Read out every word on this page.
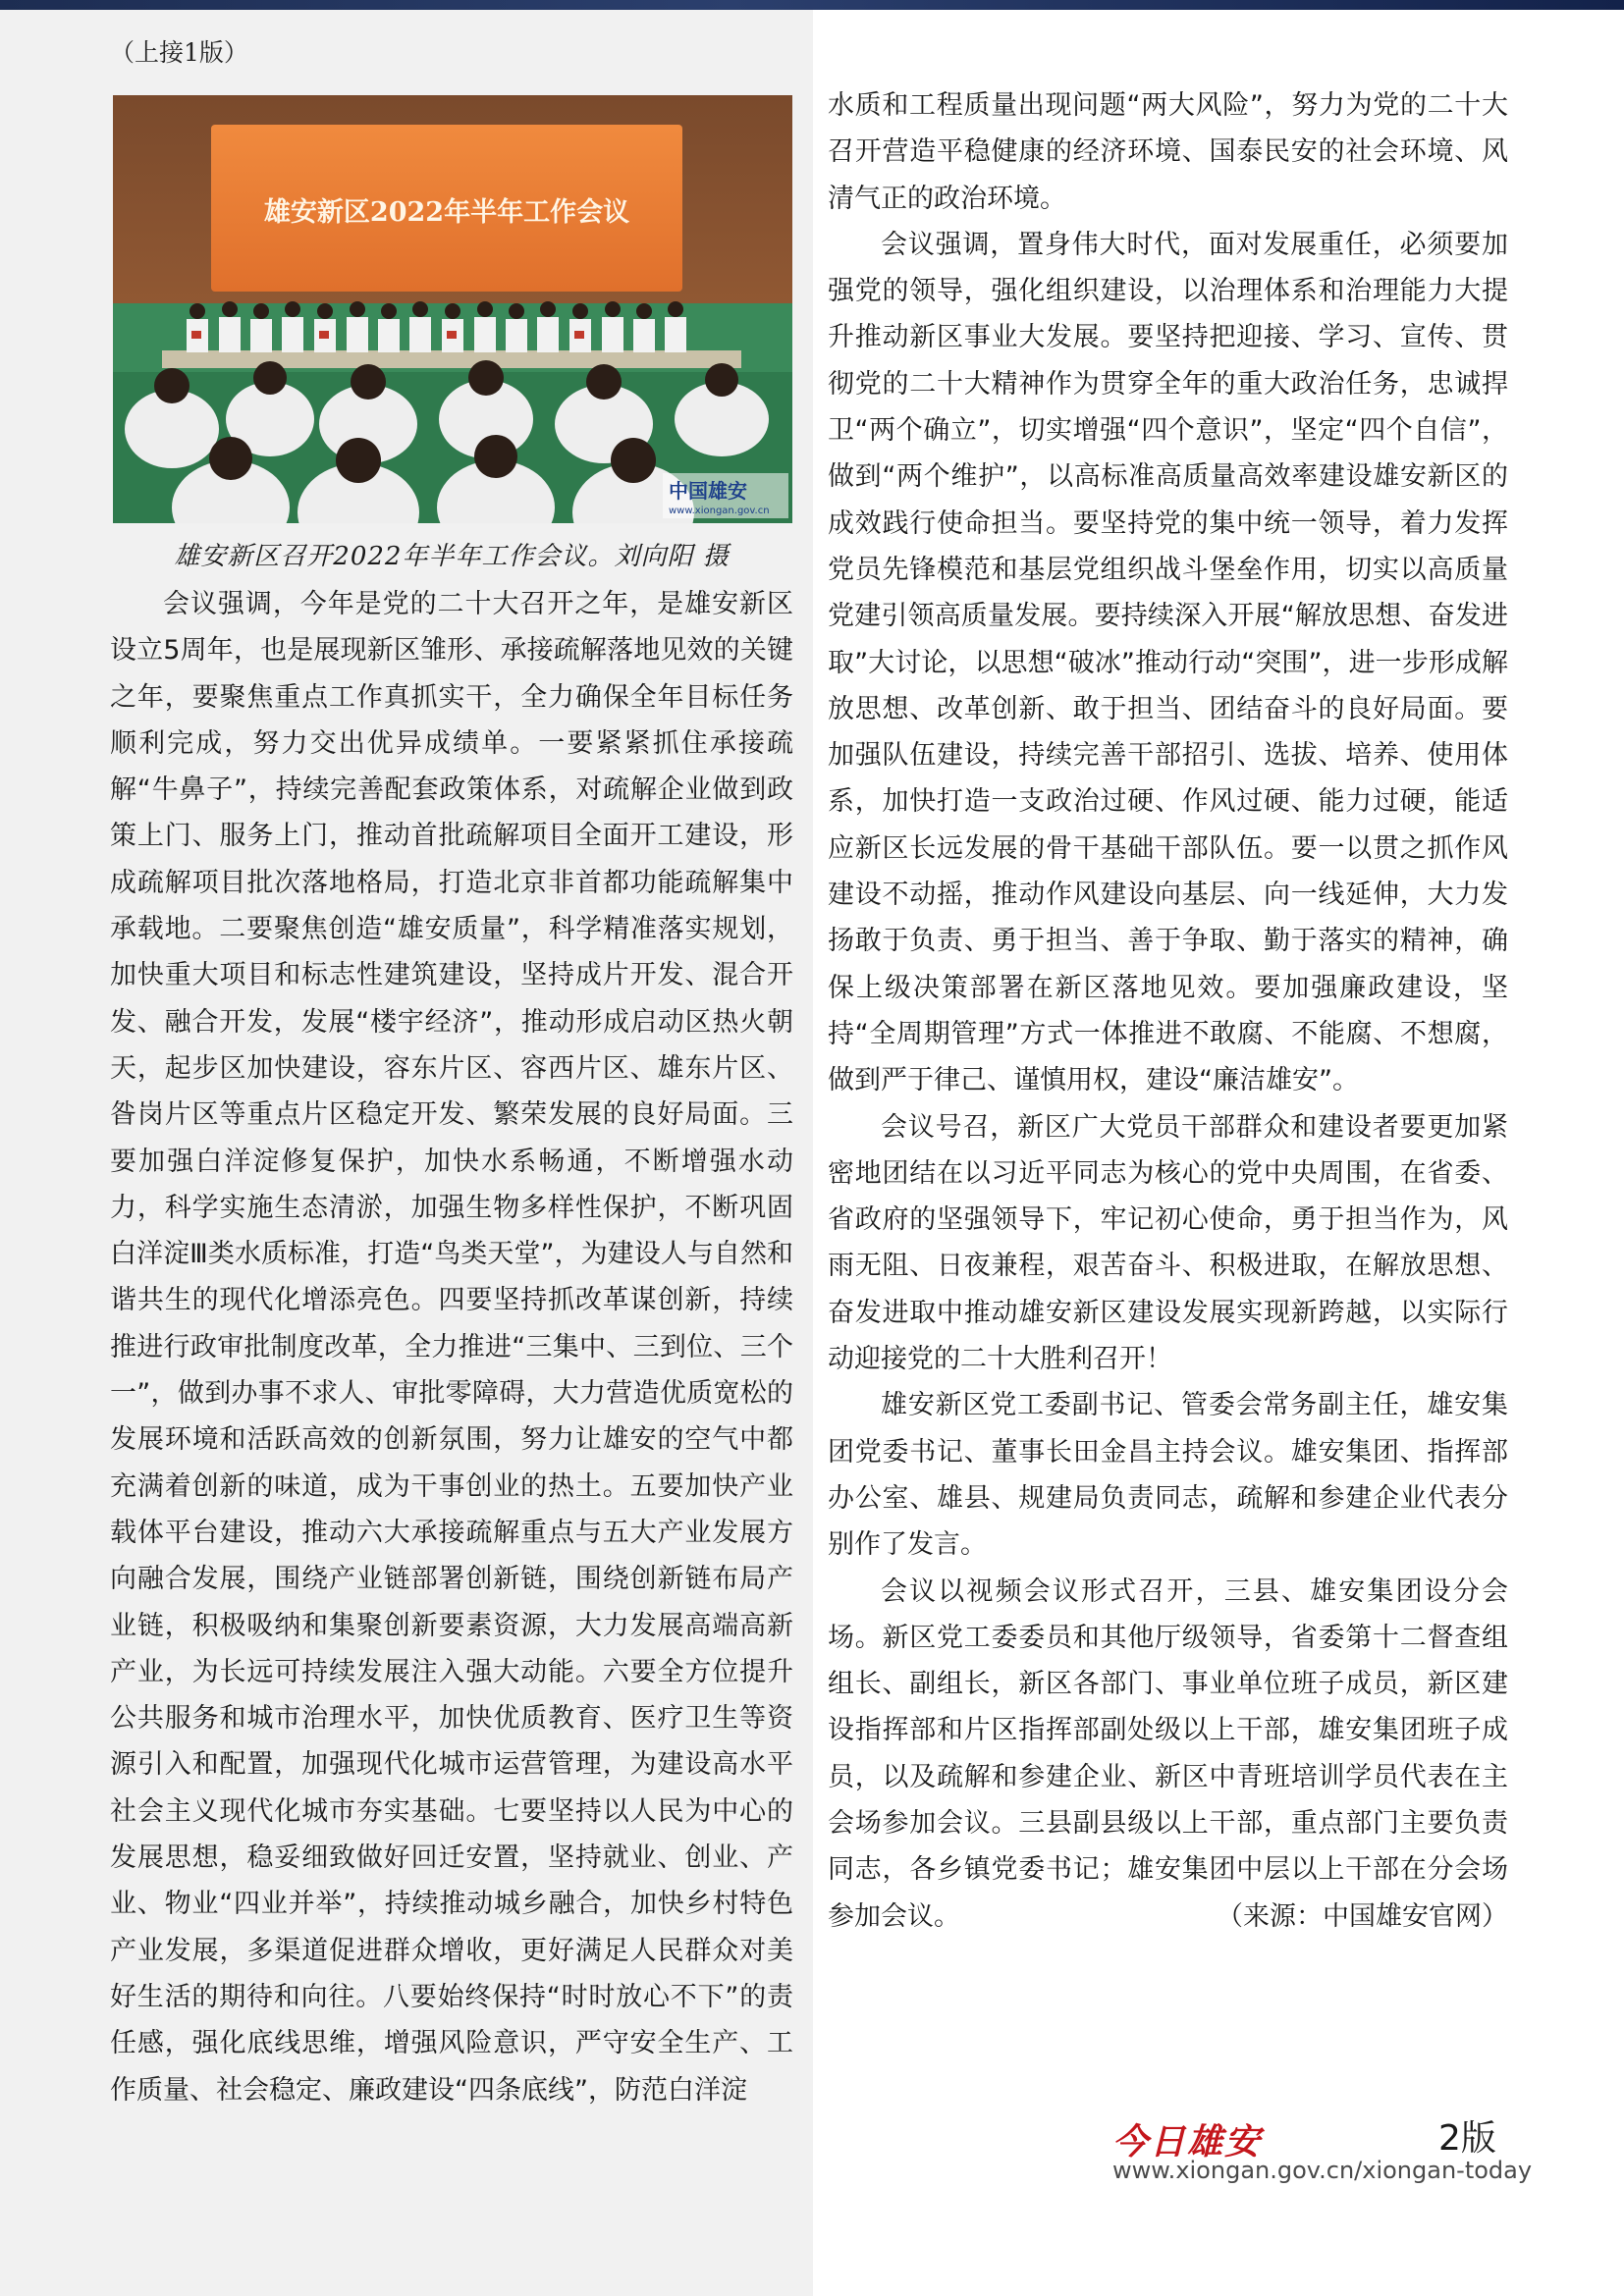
（上接1版）
雄安新区2022年半年工作会议
中国雄安
www.xiongan.gov.cn
雄安新区召开2022年半年工作会议。刘向阳 摄

会议强调，今年是党的二十大召开之年，是雄安新区设立5周年，也是展现新区雏形、承接疏解落地见效的关键之年，要聚焦重点工作真抓实干，全力确保全年目标任务顺利完成，努力交出优异成绩单。一要紧紧抓住承接疏解“牛鼻子”，持续完善配套政策体系，对疏解企业做到政策上门、服务上门，推动首批疏解项目全面开工建设，形成疏解项目批次落地格局，打造北京非首都功能疏解集中承载地。二要聚焦创造“雄安质量”，科学精准落实规划，加快重大项目和标志性建筑建设，坚持成片开发、混合开发、融合开发，发展“楼宇经济”，推动形成启动区热火朝天，起步区加快建设，容东片区、容西片区、雄东片区、昝岗片区等重点片区稳定开发、繁荣发展的良好局面。三要加强白洋淀修复保护，加快水系畅通，不断增强水动力，科学实施生态清淤，加强生物多样性保护，不断巩固白洋淀Ⅲ类水质标准，打造“鸟类天堂”，为建设人与自然和谐共生的现代化增添亮色。四要坚持抓改革谋创新，持续推进行政审批制度改革，全力推进“三集中、三到位、三个一”，做到办事不求人、审批零障碍，大力营造优质宽松的发展环境和活跃高效的创新氛围，努力让雄安的空气中都充满着创新的味道，成为干事创业的热土。五要加快产业载体平台建设，推动六大承接疏解重点与五大产业发展方向融合发展，围绕产业链部署创新链，围绕创新链布局产业链，积极吸纳和集聚创新要素资源，大力发展高端高新产业，为长远可持续发展注入强大动能。六要全方位提升公共服务和城市治理水平，加快优质教育、医疗卫生等资源引入和配置，加强现代化城市运营管理，为建设高水平社会主义现代化城市夯实基础。七要坚持以人民为中心的发展思想，稳妥细致做好回迁安置，坚持就业、创业、产业、物业“四业并举”，持续推动城乡融合，加快乡村特色产业发展，多渠道促进群众增收，更好满足人民群众对美好生活的期待和向往。八要始终保持“时时放心不下”的责任感，强化底线思维，增强风险意识，严守安全生产、工作质量、社会稳定、廉政建设“四条底线”，防范白洋淀

水质和工程质量出现问题“两大风险”，努力为党的二十大召开营造平稳健康的经济环境、国泰民安的社会环境、风清气正的政治环境。

会议强调，置身伟大时代，面对发展重任，必须要加强党的领导，强化组织建设，以治理体系和治理能力大提升推动新区事业大发展。要坚持把迎接、学习、宣传、贯彻党的二十大精神作为贯穿全年的重大政治任务，忠诚捍卫“两个确立”，切实增强“四个意识”，坚定“四个自信”，做到“两个维护”，以高标准高质量高效率建设雄安新区的成效践行使命担当。要坚持党的集中统一领导，着力发挥党员先锋模范和基层党组织战斗堡垒作用，切实以高质量党建引领高质量发展。要持续深入开展“解放思想、奋发进取”大讨论，以思想“破冰”推动行动“突围”，进一步形成解放思想、改革创新、敢于担当、团结奋斗的良好局面。要加强队伍建设，持续完善干部招引、选拔、培养、使用体系，加快打造一支政治过硬、作风过硬、能力过硬，能适应新区长远发展的骨干基础干部队伍。要一以贯之抓作风建设不动摇，推动作风建设向基层、向一线延伸，大力发扬敢于负责、勇于担当、善于争取、勤于落实的精神，确保上级决策部署在新区落地见效。要加强廉政建设，坚持“全周期管理”方式一体推进不敢腐、不能腐、不想腐，做到严于律己、谨慎用权，建设“廉洁雄安”。

会议号召，新区广大党员干部群众和建设者要更加紧密地团结在以习近平同志为核心的党中央周围，在省委、省政府的坚强领导下，牢记初心使命，勇于担当作为，风雨无阻、日夜兼程，艰苦奋斗、积极进取，在解放思想、奋发进取中推动雄安新区建设发展实现新跨越，以实际行动迎接党的二十大胜利召开！

雄安新区党工委副书记、管委会常务副主任，雄安集团党委书记、董事长田金昌主持会议。雄安集团、指挥部办公室、雄县、规建局负责同志，疏解和参建企业代表分别作了发言。

会议以视频会议形式召开，三县、雄安集团设分会场。新区党工委委员和其他厅级领导，省委第十二督查组组长、副组长，新区各部门、事业单位班子成员，新区建设指挥部和片区指挥部副处级以上干部，雄安集团班子成员，以及疏解和参建企业、新区中青班培训学员代表在主会场参加会议。三县副县级以上干部，重点部门主要负责同志，各乡镇党委书记；雄安集团中层以上干部在分会场参加会议。	（来源：中国雄安官网）

今日雄安	2版
www.xiongan.gov.cn/xiongan-today
